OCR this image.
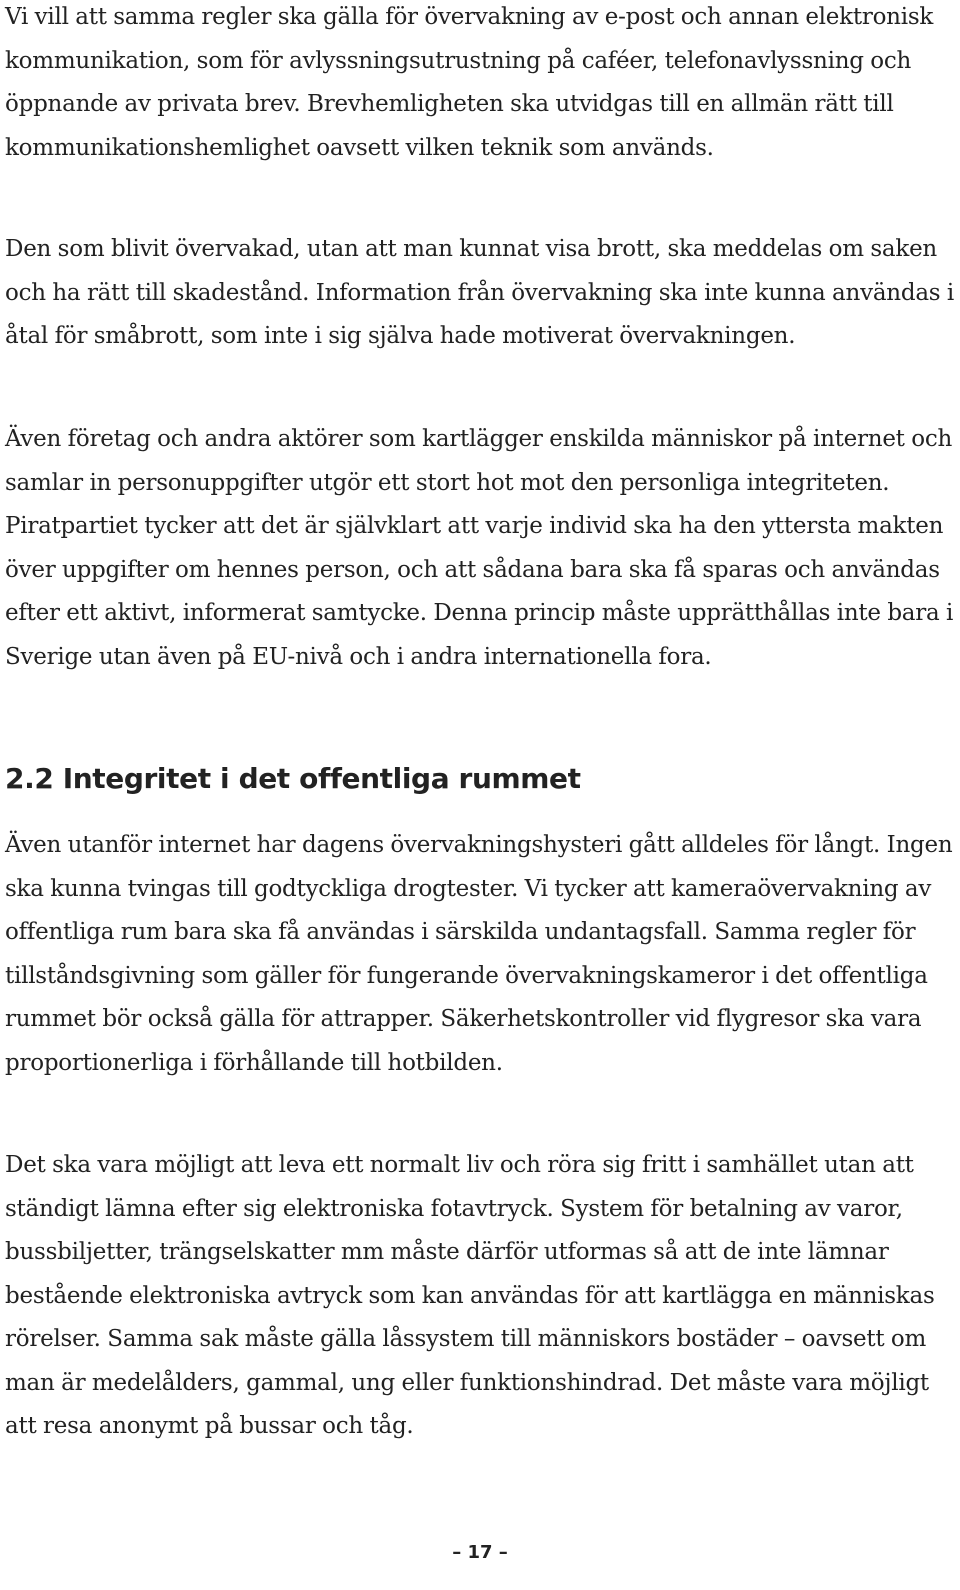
Vi vill att samma regler ska gälla för övervakning av e-post och annan elektronisk kommunikation, som för avlyssningsutrustning på caféer, telefonavlyssning och öppnande av privata brev. Brevhemligheten ska utvidgas till en allmän rätt till kommunikationshemlighet oavsett vilken teknik som används.

Den som blivit övervakad, utan att man kunnat visa brott, ska meddelas om saken och ha rätt till skadestånd. Information från övervakning ska inte kunna användas i åtal för småbrott, som inte i sig själva hade motiverat övervakningen.

Även företag och andra aktörer som kartlägger enskilda människor på internet och samlar in personuppgifter utgör ett stort hot mot den personliga integriteten. Piratpartiet tycker att det är självklart att varje individ ska ha den yttersta makten över uppgifter om hennes person, och att sådana bara ska få sparas och användas efter ett aktivt, informerat samtycke. Denna princip måste upprätthållas inte bara i Sverige utan även på EU-nivå och i andra internationella fora.

2.2 Integritet i det offentliga rummet

Även utanför internet har dagens övervakningshysteri gått alldeles för långt. Ingen ska kunna tvingas till godtyckliga drogtester. Vi tycker att kameraövervakning av offentliga rum bara ska få användas i särskilda undantagsfall. Samma regler för tillståndsgivning som gäller för fungerande övervakningskameror i det offentliga rummet bör också gälla för attrapper. Säkerhetskontroller vid flygresor ska vara proportionerliga i förhållande till hotbilden.

Det ska vara möjligt att leva ett normalt liv och röra sig fritt i samhället utan att ständigt lämna efter sig elektroniska fotavtryck. System för betalning av varor, bussbiljetter, trängselskatter mm måste därför utformas så att de inte lämnar bestående elektroniska avtryck som kan användas för att kartlägga en människas rörelser. Samma sak måste gälla låssystem till människors bostäder – oavsett om man är medelålders, gammal, ung eller funktionshindrad. Det måste vara möjligt att resa anonymt på bussar och tåg.

– 17 –
